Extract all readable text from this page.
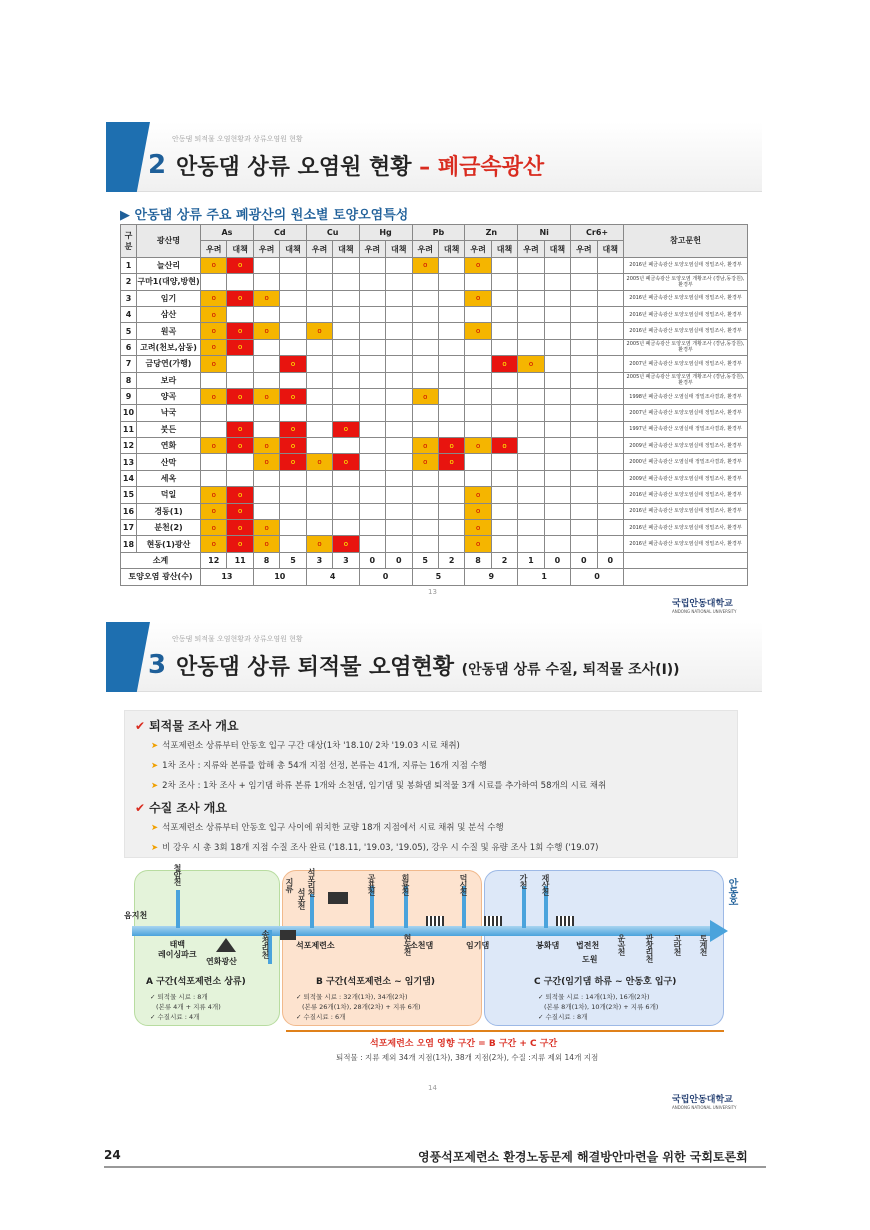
안동댐 퇴적물 오염현황과 상류오염원 현황
2 안동댐 상류 오염원 현황 – 폐금속광산
▶ 안동댐 상류 주요 폐광산의 원소별 토양오염특성
구분	광산명	As		Cd		Cu		Hg		Pb		Zn		Ni		Cr6+		참고문헌
		우려	대책	우려	대책	우려	대책	우려	대책	우려	대책	우려	대책	우려	대책	우려	대책	
1	늘산리	o	o							o		o						2016년 폐금속광산 토양오염실태 정밀조사, 환경부
2	구마1(대양,방현)																	2005년 폐금속광산 토양오염 개황조사 (경남,동강원), 환경부
3	임기	o	o	o								o						2016년 폐금속광산 토양오염실태 정밀조사, 환경부
4	삼산	o																2016년 폐금속광산 토양오염실태 정밀조사, 환경부
5	원곡	o	o	o		o						o						2016년 폐금속광산 토양오염실태 정밀조사, 환경부
6	고려(천보,삼동)	o	o															2005년 폐금속광산 토양오염 개황조사 (경남,동강원), 환경부
7	금당연(가행)	o			o								o	o				2007년 폐금속광산 토양오염실태 정밀조사, 환경부
8	보라																	2005년 폐금속광산 토양오염 개황조사 (경남,동강원), 환경부
9	양곡	o	o	o	o					o								1998년 폐금속광산 오염실태 정밀조사결과, 환경부
10	낙국																	2007년 폐금속광산 토양오염실태 정밀조사, 환경부
11	붓든		o		o		o											1997년 폐금속광산 오염실태 정밀조사결과, 환경부
12	연화	o	o	o	o					o	o	o	o					2009년 폐금속광산 토양오염실태 정밀조사, 환경부
13	산막			o	o	o	o			o	o							2000년 폐금속광산 오염실태 정밀조사결과, 환경부
14	세옥																	2009년 폐금속광산 토양오염실태 정밀조사, 환경부
15	덕일	o	o									o						2016년 폐금속광산 토양오염실태 정밀조사, 환경부
16	경동(1)	o	o									o						2016년 폐금속광산 토양오염실태 정밀조사, 환경부
17	분천(2)	o	o	o								o						2016년 폐금속광산 토양오염실태 정밀조사, 환경부
18	현동(1)광산	o	o	o		o	o					o						2016년 폐금속광산 토양오염실태 정밀조사, 환경부
소계		12	11	8	5	3	3	0	0	5	2	8	2	1	0	0	0	
토양오염 광산(수)		13		10		4		0		5		9		1		0		
13
국립안동대학교
ANDONG NATIONAL UNIVERSITY
안동댐 퇴적물 오염현황과 상류오염원 현황
3 안동댐 상류 퇴적물 오염현황 (안동댐 상류 수질, 퇴적물 조사(I))
✔ 퇴적물 조사 개요
➤ 석포제련소 상류부터 안동호 입구 구간 대상(1차 '18.10/ 2차 '19.03 시료 채취)
➤ 1차 조사 : 지류와 본류를 합해 총 54개 지점 선정, 본류는 41개, 지류는 16개 지점 수행
➤ 2차 조사 : 1차 조사 + 임기댐 하류 본류 1개와 소천댐, 임기댐 및 봉화댐 퇴적물 3개 시료를 추가하여 58개의 시료 채취
✔ 수질 조사 개요
➤ 석포제련소 상류부터 안동호 입구 사이에 위치한 교량 18개 지점에서 시료 채취 및 분석 수행
➤ 비 강우 시 총 3회 18개 지점 수질 조사 완료 ('18.11, '19.03, '19.05), 강우 시 수질 및 유량 조사 1회 수행 ('19.07)
음지천
태백
레이싱파크
연화광산
석포제련소	소천댐	임기댐	봉화댐 법전천
도원
철암천
송정리천
지류 석포리천
석포천
공표천	회룡천
현동천
덕신천	가천 재산천
운곡천 관창리천 고라천 토계천
안동호
A 구간(석포제련소 상류)
✓ 퇴적물 시료 : 8개
(본류 4개 + 지류 4개)
✓ 수질시료 : 4개
B 구간(석포제련소 ~ 임기댐)
✓ 퇴적물 시료 : 32개(1차), 34개(2차)
(본류 26개(1차), 28개(2차) + 지류 6개)
✓ 수질시료 : 6개
C 구간(임기댐 하류 ~ 안동호 입구)
✓ 퇴적물 시료 : 14개(1차), 16개(2차)
(본류 8개(1차), 10개(2차) + 지류 6개)
✓ 수질시료 : 8개
석포제련소 오염 영향 구간 = B 구간 + C 구간
퇴적물 : 지류 제외 34개 지점(1차), 38개 지점(2차), 수질 :지류 제외 14개 지점
14
국립안동대학교
ANDONG NATIONAL UNIVERSITY
24	영풍석포제련소 환경노동문제 해결방안마련을 위한 국회토론회
